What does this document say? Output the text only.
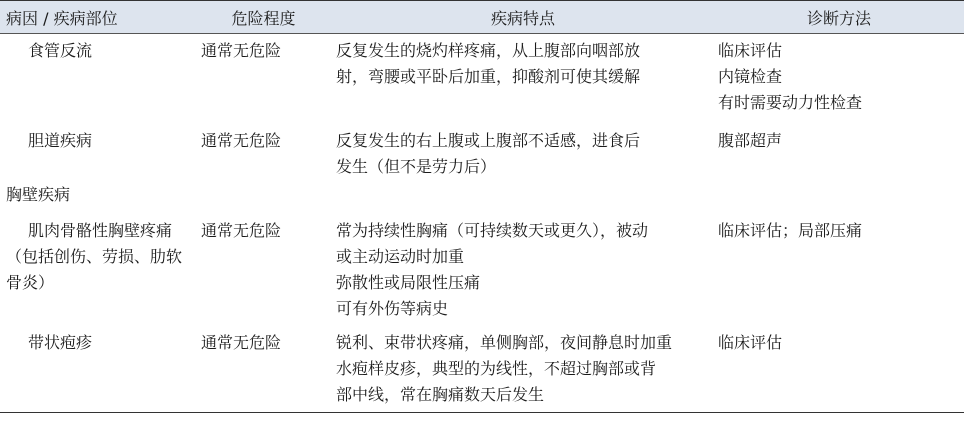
病因 / 疾病部位	危险程度	疾病特点	诊断方法

食管反流	通常无危险	反复发生的烧灼样疼痛，从上腹部向咽部放
射，弯腰或平卧后加重，抑酸剂可使其缓解	临床评估
内镜检查
有时需要动力性检查

胆道疾病	通常无危险	反复发生的右上腹或上腹部不适感，进食后
发生（但不是劳力后）	腹部超声

胸壁疾病			
肌肉骨骼性胸壁疼痛（包括创伤、劳损、肋软骨炎）	通常无危险	常为持续性胸痛（可持续数天或更久），被动
或主动运动时加重
弥散性或局限性压痛
可有外伤等病史	临床评估；局部压痛

带状疱疹	通常无危险	锐利、束带状疼痛，单侧胸部，夜间静息时加重
水疱样皮疹，典型的为线性，不超过胸部或背
部中线，常在胸痛数天后发生	临床评估
